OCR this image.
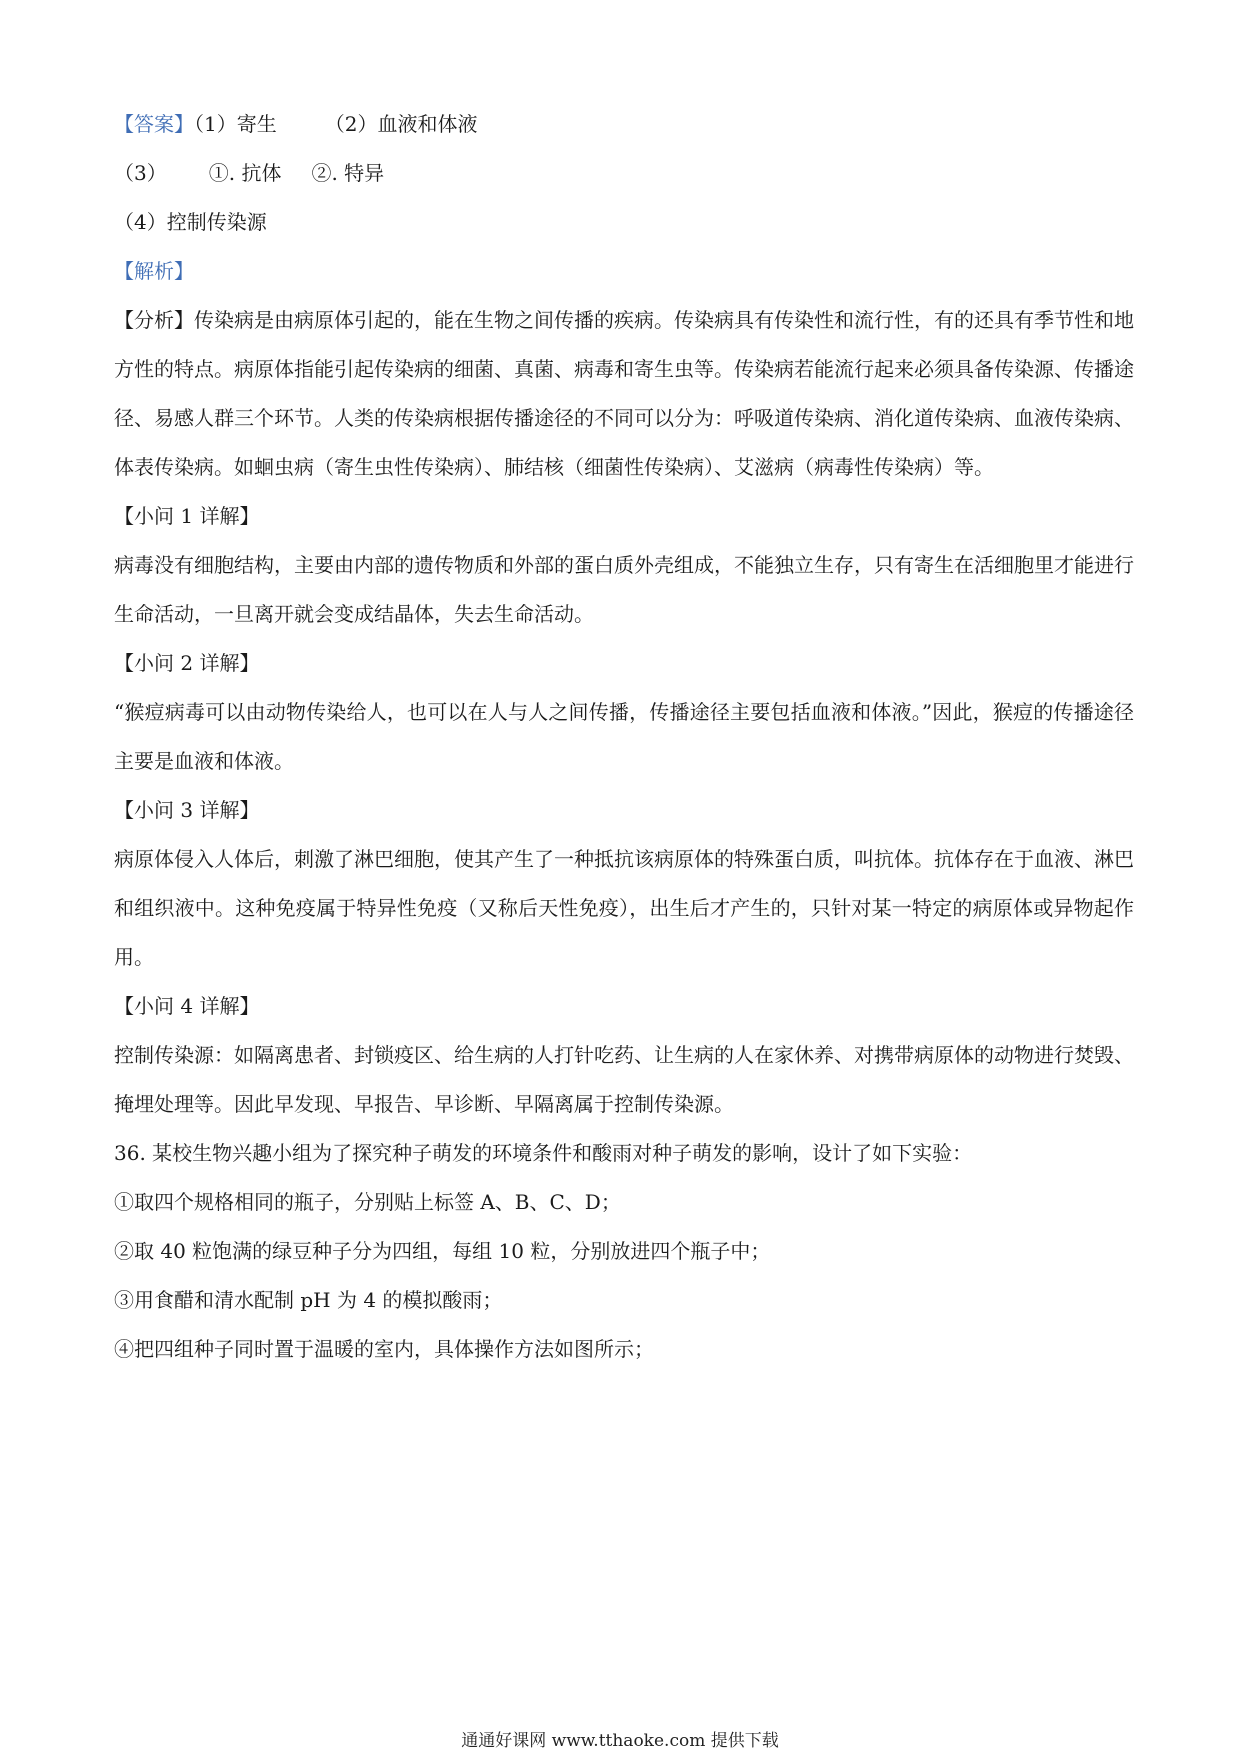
【答案】（1）寄生 （2）血液和体液
（3） ①. 抗体 ②. 特异
（4）控制传染源
【解析】
【分析】传染病是由病原体引起的，能在生物之间传播的疾病。传染病具有传染性和流行性，有的还具有季节性和地方性的特点。病原体指能引起传染病的细菌、真菌、病毒和寄生虫等。传染病若能流行起来必须具备传染源、传播途径、易感人群三个环节。人类的传染病根据传播途径的不同可以分为：呼吸道传染病、消化道传染病、血液传染病、体表传染病。如蛔虫病（寄生虫性传染病）、肺结核（细菌性传染病）、艾滋病（病毒性传染病）等。
【小问 1 详解】
病毒没有细胞结构，主要由内部的遗传物质和外部的蛋白质外壳组成，不能独立生存，只有寄生在活细胞里才能进行生命活动，一旦离开就会变成结晶体，失去生命活动。
【小问 2 详解】
“猴痘病毒可以由动物传染给人，也可以在人与人之间传播，传播途径主要包括血液和体液。”因此，猴痘的传播途径主要是血液和体液。
【小问 3 详解】
病原体侵入人体后，刺激了淋巴细胞，使其产生了一种抵抗该病原体的特殊蛋白质，叫抗体。抗体存在于血液、淋巴和组织液中。这种免疫属于特异性免疫（又称后天性免疫），出生后才产生的，只针对某一特定的病原体或异物起作用。
【小问 4 详解】
控制传染源：如隔离患者、封锁疫区、给生病的人打针吃药、让生病的人在家休养、对携带病原体的动物进行焚毁、掩埋处理等。因此早发现、早报告、早诊断、早隔离属于控制传染源。
36. 某校生物兴趣小组为了探究种子萌发的环境条件和酸雨对种子萌发的影响，设计了如下实验：
①取四个规格相同的瓶子，分别贴上标签 A、B、C、D；
②取 40 粒饱满的绿豆种子分为四组，每组 10 粒，分别放进四个瓶子中；
③用食醋和清水配制 pH 为 4 的模拟酸雨；
④把四组种子同时置于温暖的室内，具体操作方法如图所示；
通通好课网 www.tthaoke.com 提供下载
